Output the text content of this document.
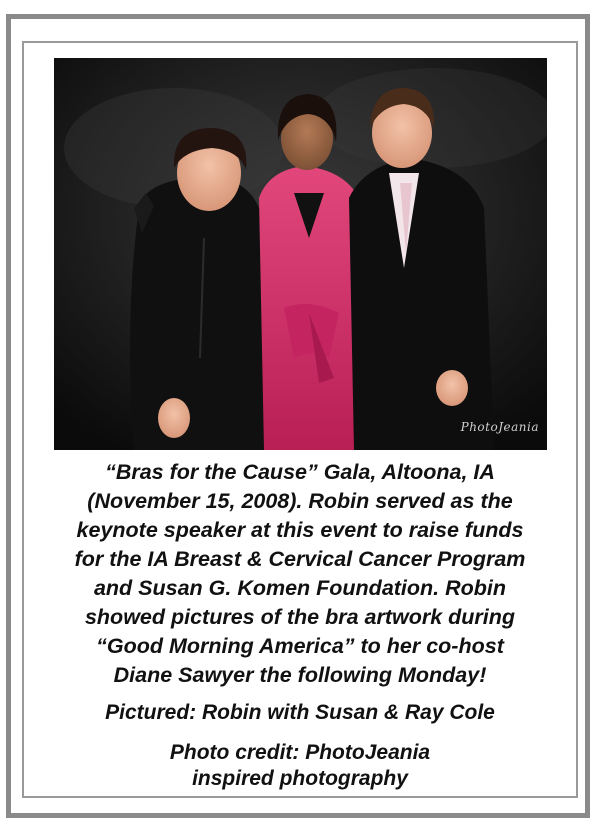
PhotoJeania

“Bras for the Cause” Gala, Altoona, IA

(November 15, 2008). Robin served as the

keynote speaker at this event to raise funds

for the IA Breast & Cervical Cancer Program

and Susan G. Komen Foundation. Robin

showed pictures of the bra artwork during

“Good Morning America” to her co-host

Diane Sawyer the following Monday!

Pictured: Robin with Susan & Ray Cole

Photo credit: PhotoJeania

inspired photography
